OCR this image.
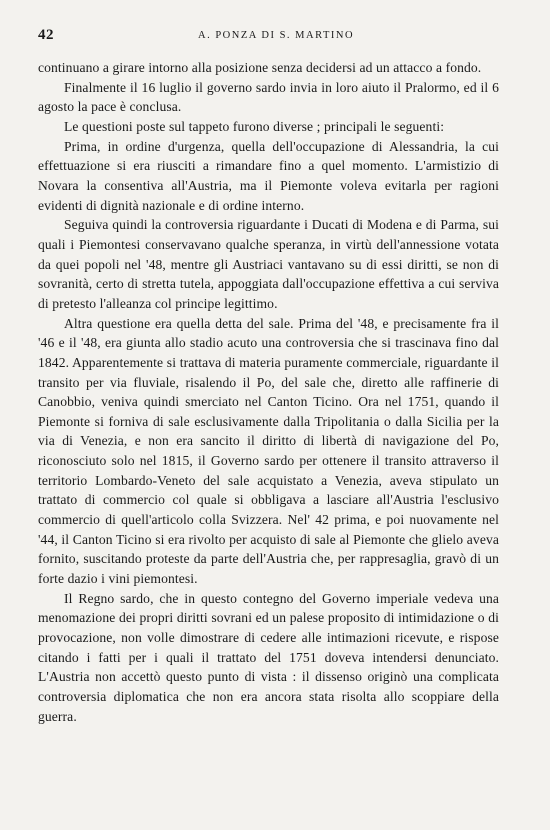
42	A. PONZA DI S. MARTINO

continuano a girare intorno alla posizione senza decidersi ad un attacco a fondo.

Finalmente il 16 luglio il governo sardo invia in loro aiuto il Pralormo, ed il 6 agosto la pace è conclusa.

Le questioni poste sul tappeto furono diverse ; principali le seguenti:

Prima, in ordine d'urgenza, quella dell'occupazione di Alessandria, la cui effettuazione si era riusciti a rimandare fino a quel momento. L'armistizio di Novara la consentiva all'Austria, ma il Piemonte voleva evitarla per ragioni evidenti di dignità nazionale e di ordine interno.

Seguiva quindi la controversia riguardante i Ducati di Modena e di Parma, sui quali i Piemontesi conservavano qualche speranza, in virtù dell'annessione votata da quei popoli nel '48, mentre gli Austriaci vantavano su di essi diritti, se non di sovranità, certo di stretta tutela, appoggiata dall'occupazione effettiva a cui serviva di pretesto l'alleanza col principe legittimo.

Altra questione era quella detta del sale. Prima del '48, e precisamente fra il '46 e il '48, era giunta allo stadio acuto una controversia che si trascinava fino dal 1842. Apparentemente si trattava di materia puramente commerciale, riguardante il transito per via fluviale, risalendo il Po, del sale che, diretto alle raffinerie di Canobbio, veniva quindi smerciato nel Canton Ticino. Ora nel 1751, quando il Piemonte si forniva di sale esclusivamente dalla Tripolitania o dalla Sicilia per la via di Venezia, e non era sancito il diritto di libertà di navigazione del Po, riconosciuto solo nel 1815, il Governo sardo per ottenere il transito attraverso il territorio Lombardo-Veneto del sale acquistato a Venezia, aveva stipulato un trattato di commercio col quale si obbligava a lasciare all'Austria l'esclusivo commercio di quell'articolo colla Svizzera. Nel' 42 prima, e poi nuovamente nel '44, il Canton Ticino si era rivolto per acquisto di sale al Piemonte che glielo aveva fornito, suscitando proteste da parte dell'Austria che, per rappresaglia, gravò di un forte dazio i vini piemontesi.

Il Regno sardo, che in questo contegno del Governo imperiale vedeva una menomazione dei propri diritti sovrani ed un palese proposito di intimidazione o di provocazione, non volle dimostrare di cedere alle intimazioni ricevute, e rispose citando i fatti per i quali il trattato del 1751 doveva intendersi denunciato. L'Austria non accettò questo punto di vista : il dissenso originò una complicata controversia diplomatica che non era ancora stata risolta allo scoppiare della guerra.
